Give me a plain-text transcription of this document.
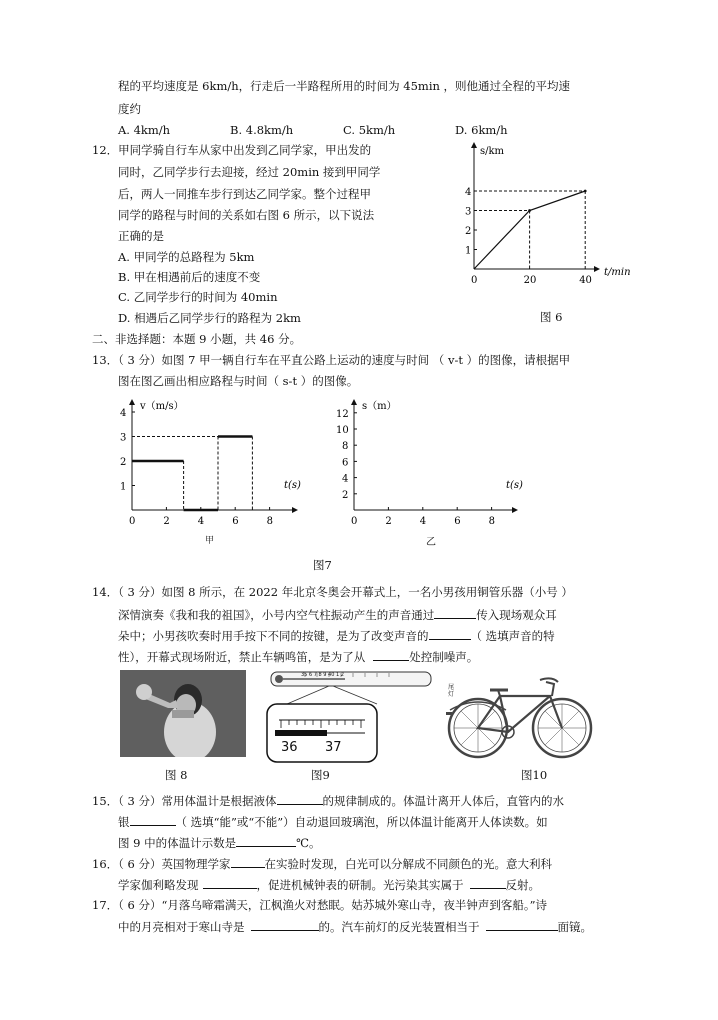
程的平均速度是 6km/h，行走后一半路程所用的时间为 45min ，则他通过全程的平均速
度约
A. 4km/h	B. 4.8km/h	C. 5km/h	D. 6km/h
12．甲同学骑自行车从家中出发到乙同学家，甲出发的
同时，乙同学步行去迎接，经过 20min 接到甲同学
后，两人一同推车步行到达乙同学家。整个过程甲
同学的路程与时间的关系如右图 6 所示，以下说法
正确的是
A. 甲同学的总路程为 5km
B. 甲在相遇前后的速度不变
C. 乙同学步行的时间为 40min
D. 相遇后乙同学步行的路程为 2km
s/km
t/min
1
2
3
4
0	20	40
图 6
二、非选择题：本题 9 小题，共 46 分。
13．（ 3 分）如图 7 甲一辆自行车在平直公路上运动的速度与时间 （ v-t ）的图像，请根据甲
图在图乙画出相应路程与时间（ s-t ）的图像。
v（m/s）
t(s)
1
2
3
4
0	2	4	6	8
s（m）
t(s)
2
4
6
8
10
12
0	2	4	6	8
甲	乙
图7
14．（ 3 分）如图 8 所示，在 2022 年北京冬奥会开幕式上，一名小男孩用铜管乐器（小号 ）
深情演奏《我和我的祖国》，小号内空气柱振动产生的声音通过	传入现场观众耳
朵中；小男孩吹奏时用手按下不同的按键，是为了改变声音的	（ 选填声音的特
性），开幕式现场附近，禁止车辆鸣笛，是为了从	处控制噪声。
图 8
35 6 7 8 9 40 1 2
36 37
图9
尾灯
图10
15．（ 3 分）常用体温计是根据液体	的规律制成的。体温计离开人体后，直管内的水
银	（ 选填“能”或“不能”）自动退回玻璃泡，所以体温计能离开人体读数。如
图 9 中的体温计示数是	℃。
16．（ 6 分）英国物理学家	在实验时发现，白光可以分解成不同颜色的光。意大利科
学家伽利略发现	，促进机械钟表的研制。光污染其实属于	反射。
17．（ 6 分）“月落乌啼霜满天，江枫渔火对愁眠。姑苏城外寒山寺，夜半钟声到客船。”诗
中的月亮相对于寒山寺是	的。汽车前灯的反光装置相当于	面镜。
